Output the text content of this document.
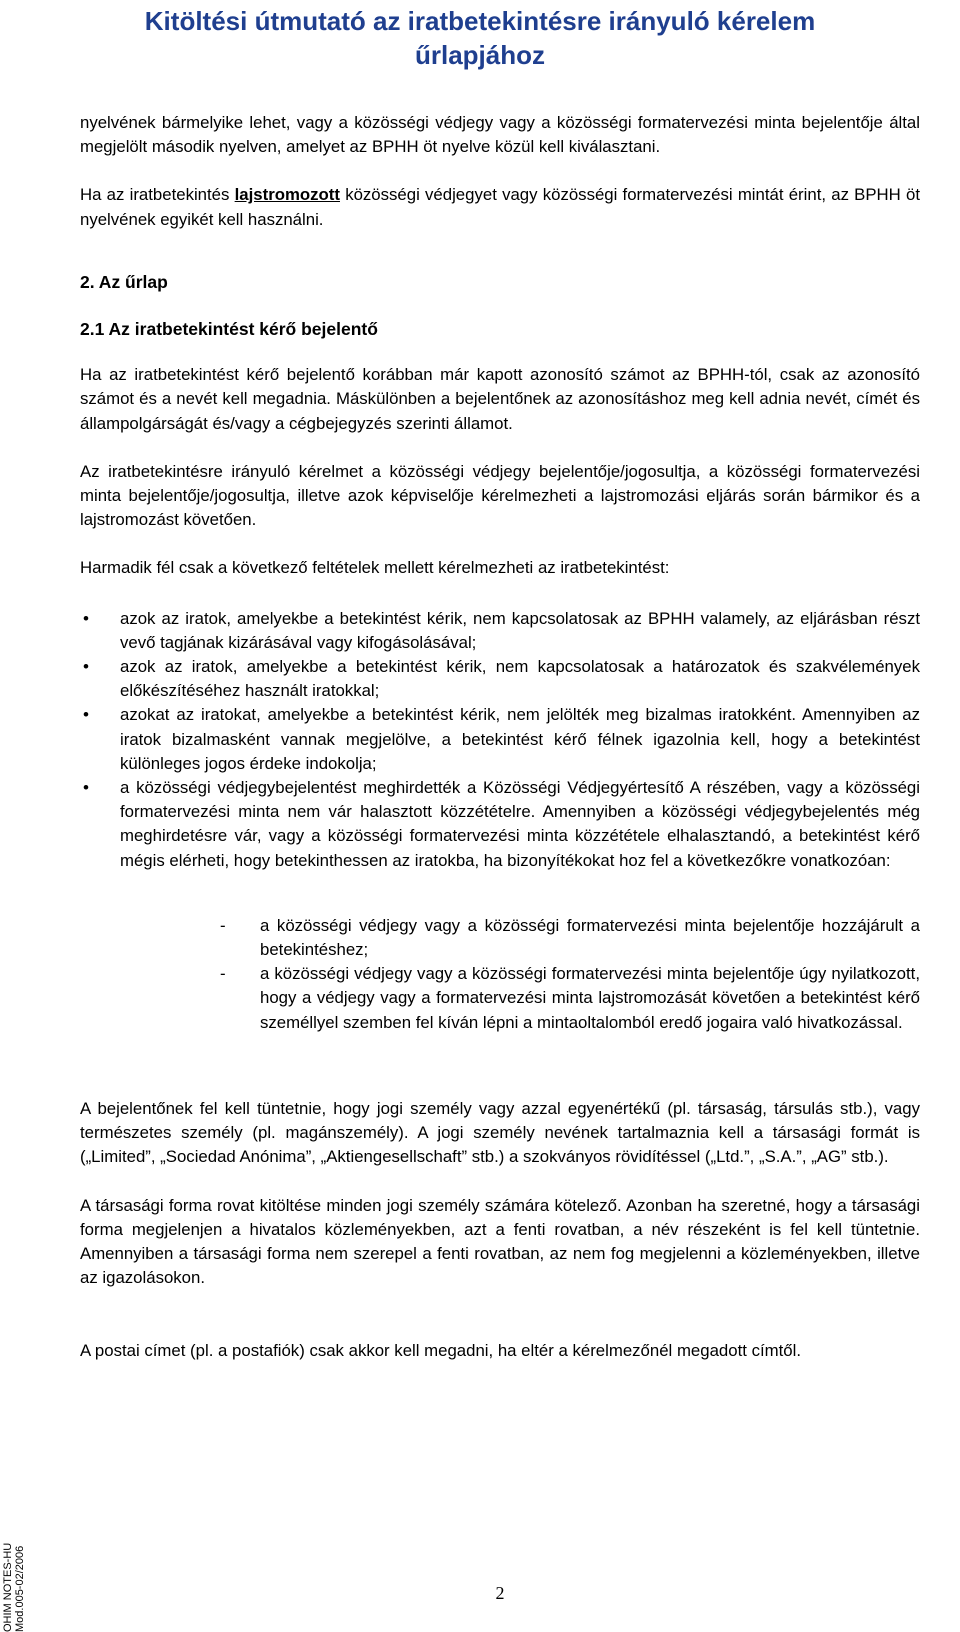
Kitöltési útmutató az iratbetekintésre irányuló kérelem
űrlapjához

nyelvének bármelyike lehet, vagy a közösségi védjegy vagy a közösségi formatervezési minta bejelentője által megjelölt második nyelven, amelyet az BPHH öt nyelve közül kell kiválasztani.

Ha az iratbetekintés lajstromozott közösségi védjegyet vagy közösségi formatervezési mintát érint, az BPHH öt nyelvének egyikét kell használni.

2. Az űrlap

2.1 Az iratbetekintést kérő bejelentő

Ha az iratbetekintést kérő bejelentő korábban már kapott azonosító számot az BPHH-tól, csak az azonosító számot és a nevét kell megadnia. Máskülönben a bejelentőnek az azonosításhoz meg kell adnia nevét, címét és állampolgárságát és/vagy a cégbejegyzés szerinti államot.

Az iratbetekintésre irányuló kérelmet a közösségi védjegy bejelentője/jogosultja, a közösségi formatervezési minta bejelentője/jogosultja, illetve azok képviselője kérelmezheti a lajstromozási eljárás során bármikor és a lajstromozást követően.

Harmadik fél csak a következő feltételek mellett kérelmezheti az iratbetekintést:

• azok az iratok, amelyekbe a betekintést kérik, nem kapcsolatosak az BPHH valamely, az eljárásban részt vevő tagjának kizárásával vagy kifogásolásával;
• azok az iratok, amelyekbe a betekintést kérik, nem kapcsolatosak a határozatok és szakvélemények előkészítéséhez használt iratokkal;
• azokat az iratokat, amelyekbe a betekintést kérik, nem jelölték meg bizalmas iratokként. Amennyiben az iratok bizalmasként vannak megjelölve, a betekintést kérő félnek igazolnia kell, hogy a betekintést különleges jogos érdeke indokolja;
• a közösségi védjegybejelentést meghirdették a Közösségi Védjegyértesítő A részében, vagy a közösségi formatervezési minta nem vár halasztott közzétételre. Amennyiben a közösségi védjegybejelentés még meghirdetésre vár, vagy a közösségi formatervezési minta közzététele elhalasztandó, a betekintést kérő mégis elérheti, hogy betekinthessen az iratokba, ha bizonyítékokat hoz fel a következőkre vonatkozóan:
- a közösségi védjegy vagy a közösségi formatervezési minta bejelentője hozzájárult a betekintéshez;
- a közösségi védjegy vagy a közösségi formatervezési minta bejelentője úgy nyilatkozott, hogy a védjegy vagy a formatervezési minta lajstromozását követően a betekintést kérő személlyel szemben fel kíván lépni a mintaoltalomból eredő jogaira való hivatkozással.

A bejelentőnek fel kell tüntetnie, hogy jogi személy vagy azzal egyenértékű (pl. társaság, társulás stb.), vagy természetes személy (pl. magánszemély). A jogi személy nevének tartalmaznia kell a társasági formát is („Limited”, „Sociedad Anónima”, „Aktiengesellschaft” stb.) a szokványos rövidítéssel („Ltd.”, „S.A.”, „AG” stb.).

A társasági forma rovat kitöltése minden jogi személy számára kötelező. Azonban ha szeretné, hogy a társasági forma megjelenjen a hivatalos közleményekben, azt a fenti rovatban, a név részeként is fel kell tüntetnie. Amennyiben a társasági forma nem szerepel a fenti rovatban, az nem fog megjelenni a közleményekben, illetve az igazolásokon.

A postai címet (pl. a postafiók) csak akkor kell megadni, ha eltér a kérelmezőnél megadott címtől.

OHIM NOTES-HU Mod.005-02/2006	2
